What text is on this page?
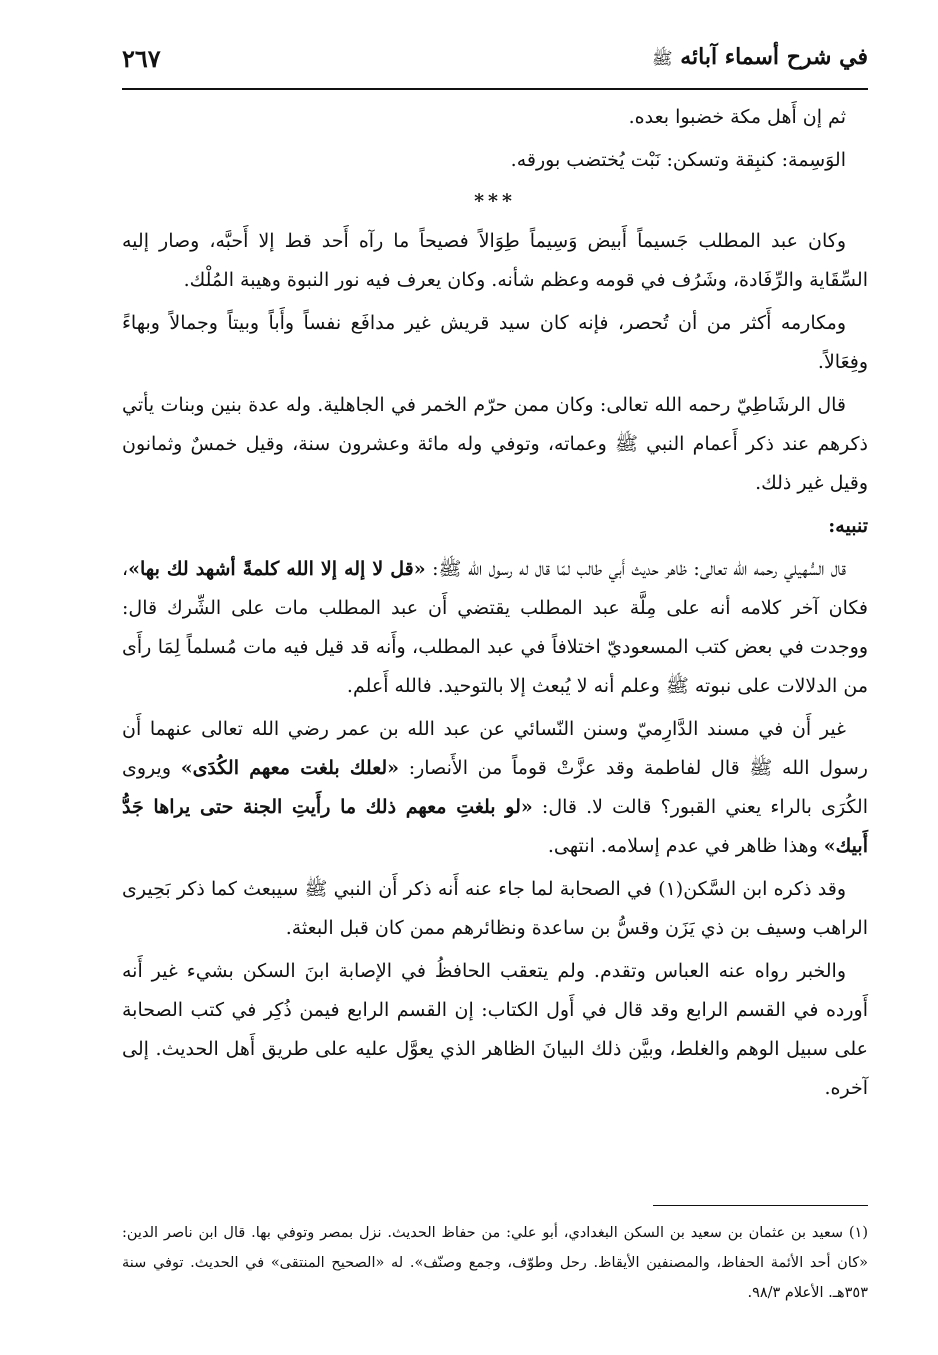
في شرح أسماء آبائه ﷺ
٢٦٧

ثم إن أَهل مكة خضبوا بعده.

الوَسِمة: كنبِقة وتسكن: نَبْت يُختضب بورقه.

***

وكان عبد المطلب جَسيماً أَبيض وَسِيماً طِوَالاً فصيحاً ما رآه أَحد قط إلا أَحبَّه، وصار إليه السِّقَاية والرِّفَادة، وشَرُف في قومه وعظم شأنه. وكان يعرف فيه نور النبوة وهيبة المُلْك.

ومكارمه أَكثر من أن تُحصر، فإنه كان سيد قريش غير مدافَع نفساً وأَباً وبيتاً وجمالاً وبهاءً وفِعَالاً.

قال الرشَاطِيّ رحمه الله تعالى: وكان ممن حرّم الخمر في الجاهلية. وله عدة بنين وبنات يأتي ذكرهم عند ذكر أَعمام النبي ﷺ وعماته، وتوفي وله مائة وعشرون سنة، وقيل خمسٌ وثمانون وقيل غير ذلك.

تنبيه:

قال السُّهيلي رحمه الله تعالى: ظاهر حديث أَبي طالب لمّا قال له رسول الله ﷺ: «قل لا إله إلا الله كلمةً أشهد لك بها»، فكان آخر كلامه أنه على مِلَّة عبد المطلب يقتضي أَن عبد المطلب مات على الشِّرك قال: ووجدت في بعض كتب المسعوديّ اختلافاً في عبد المطلب، وأَنه قد قيل فيه مات مُسلماً لِمَا رأَى من الدلالات على نبوته ﷺ وعلم أنه لا يُبعث إلا بالتوحيد. فالله أَعلم.

غير أَن في مسند الدَّارِميّ وسنن النّسائي عن عبد الله بن عمر رضي الله تعالى عنهما أَن رسول الله ﷺ قال لفاطمة وقد عزَّتْ قوماً من الأَنصار: «لعلك بلغت معهم الكُدَى» ويروى الكُرَى بالراء يعني القبور؟ قالت لا. قال: «لو بلغتِ معهم ذلك ما رأَيتِ الجنة حتى يراها جَدُّ أَبيك» وهذا ظاهر في عدم إسلامه. انتهى.

وقد ذكره ابن السَّكن(١) في الصحابة لما جاء عنه أَنه ذكر أَن النبي ﷺ سيبعث كما ذكر بَحِيرى الراهب وسيف بن ذي يَزَن وقسُّ بن ساعدة ونظائرهم ممن كان قبل البعثة.

والخبر رواه عنه العباس وتقدم. ولم يتعقب الحافظُ في الإصابة ابنَ السكن بشيء غير أَنه أَورده في القسم الرابع وقد قال في أَول الكتاب: إن القسم الرابع فيمن ذُكِر في كتب الصحابة على سبيل الوهم والغلط، وبيَّن ذلك البيانَ الظاهر الذي يعوَّل عليه على طريق أَهل الحديث. إلى آخره.

(١) سعيد بن عثمان بن سعيد بن السكن البغدادي، أبو علي: من حفاظ الحديث. نزل بمصر وتوفي بها. قال ابن ناصر الدين: «كان أحد الأئمة الحفاظ، والمصنفين الأيقاظ. رحل وطوّف، وجمع وصنّف». له «الصحيح المنتقى» في الحديث. توفي سنة ٣٥٣هـ. الأعلام ٩٨/٣.
